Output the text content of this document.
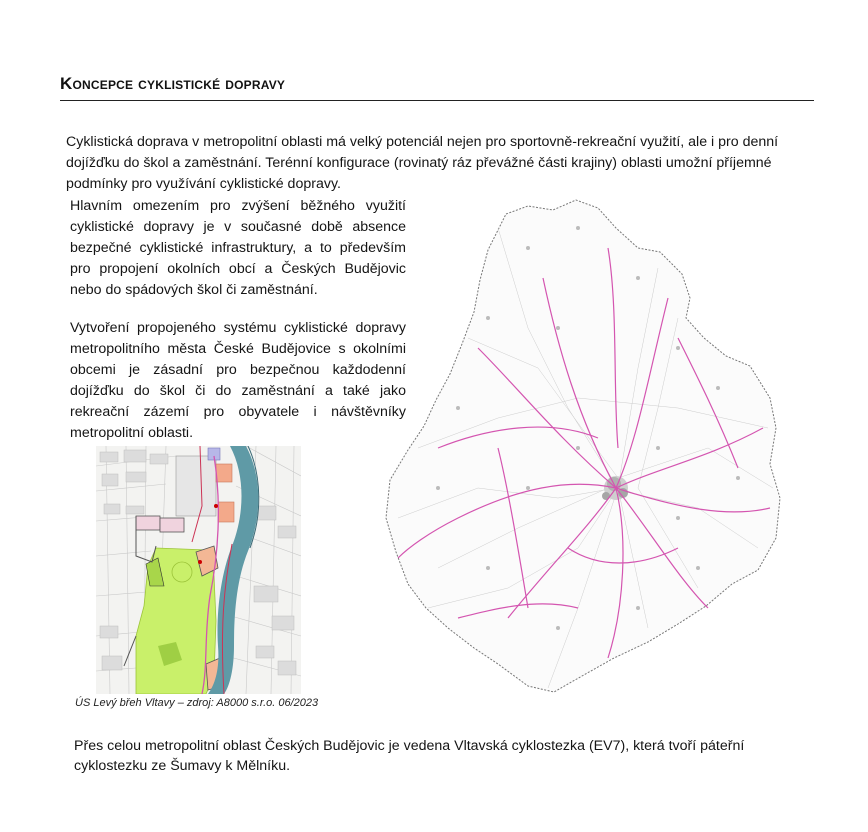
Koncepce cyklistické dopravy

Cyklistická doprava v metropolitní oblasti má velký potenciál nejen pro sportovně-rekreační využití, ale i pro denní dojížďku do škol a zaměstnání. Terénní konfigurace (rovinatý ráz převážné části krajiny) oblasti umožní příjemné podmínky pro využívání cyklistické dopravy.

Hlavním omezením pro zvýšení běžného využití cyklistické dopravy je v současné době absence bezpečné cyklistické infrastruktury, a to především pro propojení okolních obcí a Českých Budějovic nebo do spádových škol či zaměstnání.

Vytvoření propojeného systému cyklistické dopravy metropolitního města České Budějovice s okolními obcemi je zásadní pro bezpečnou každodenní dojížďku do škol či do zaměstnání a také jako rekreační zázemí pro obyvatele i návštěvníky metropolitní oblasti.

ÚS Levý břeh Vltavy – zdroj: A8000 s.r.o. 06/2023

Přes celou metropolitní oblast Českých Budějovic je vedena Vltavská cyklostezka (EV7), která tvoří páteřní cyklostezku ze Šumavy k Mělníku.
